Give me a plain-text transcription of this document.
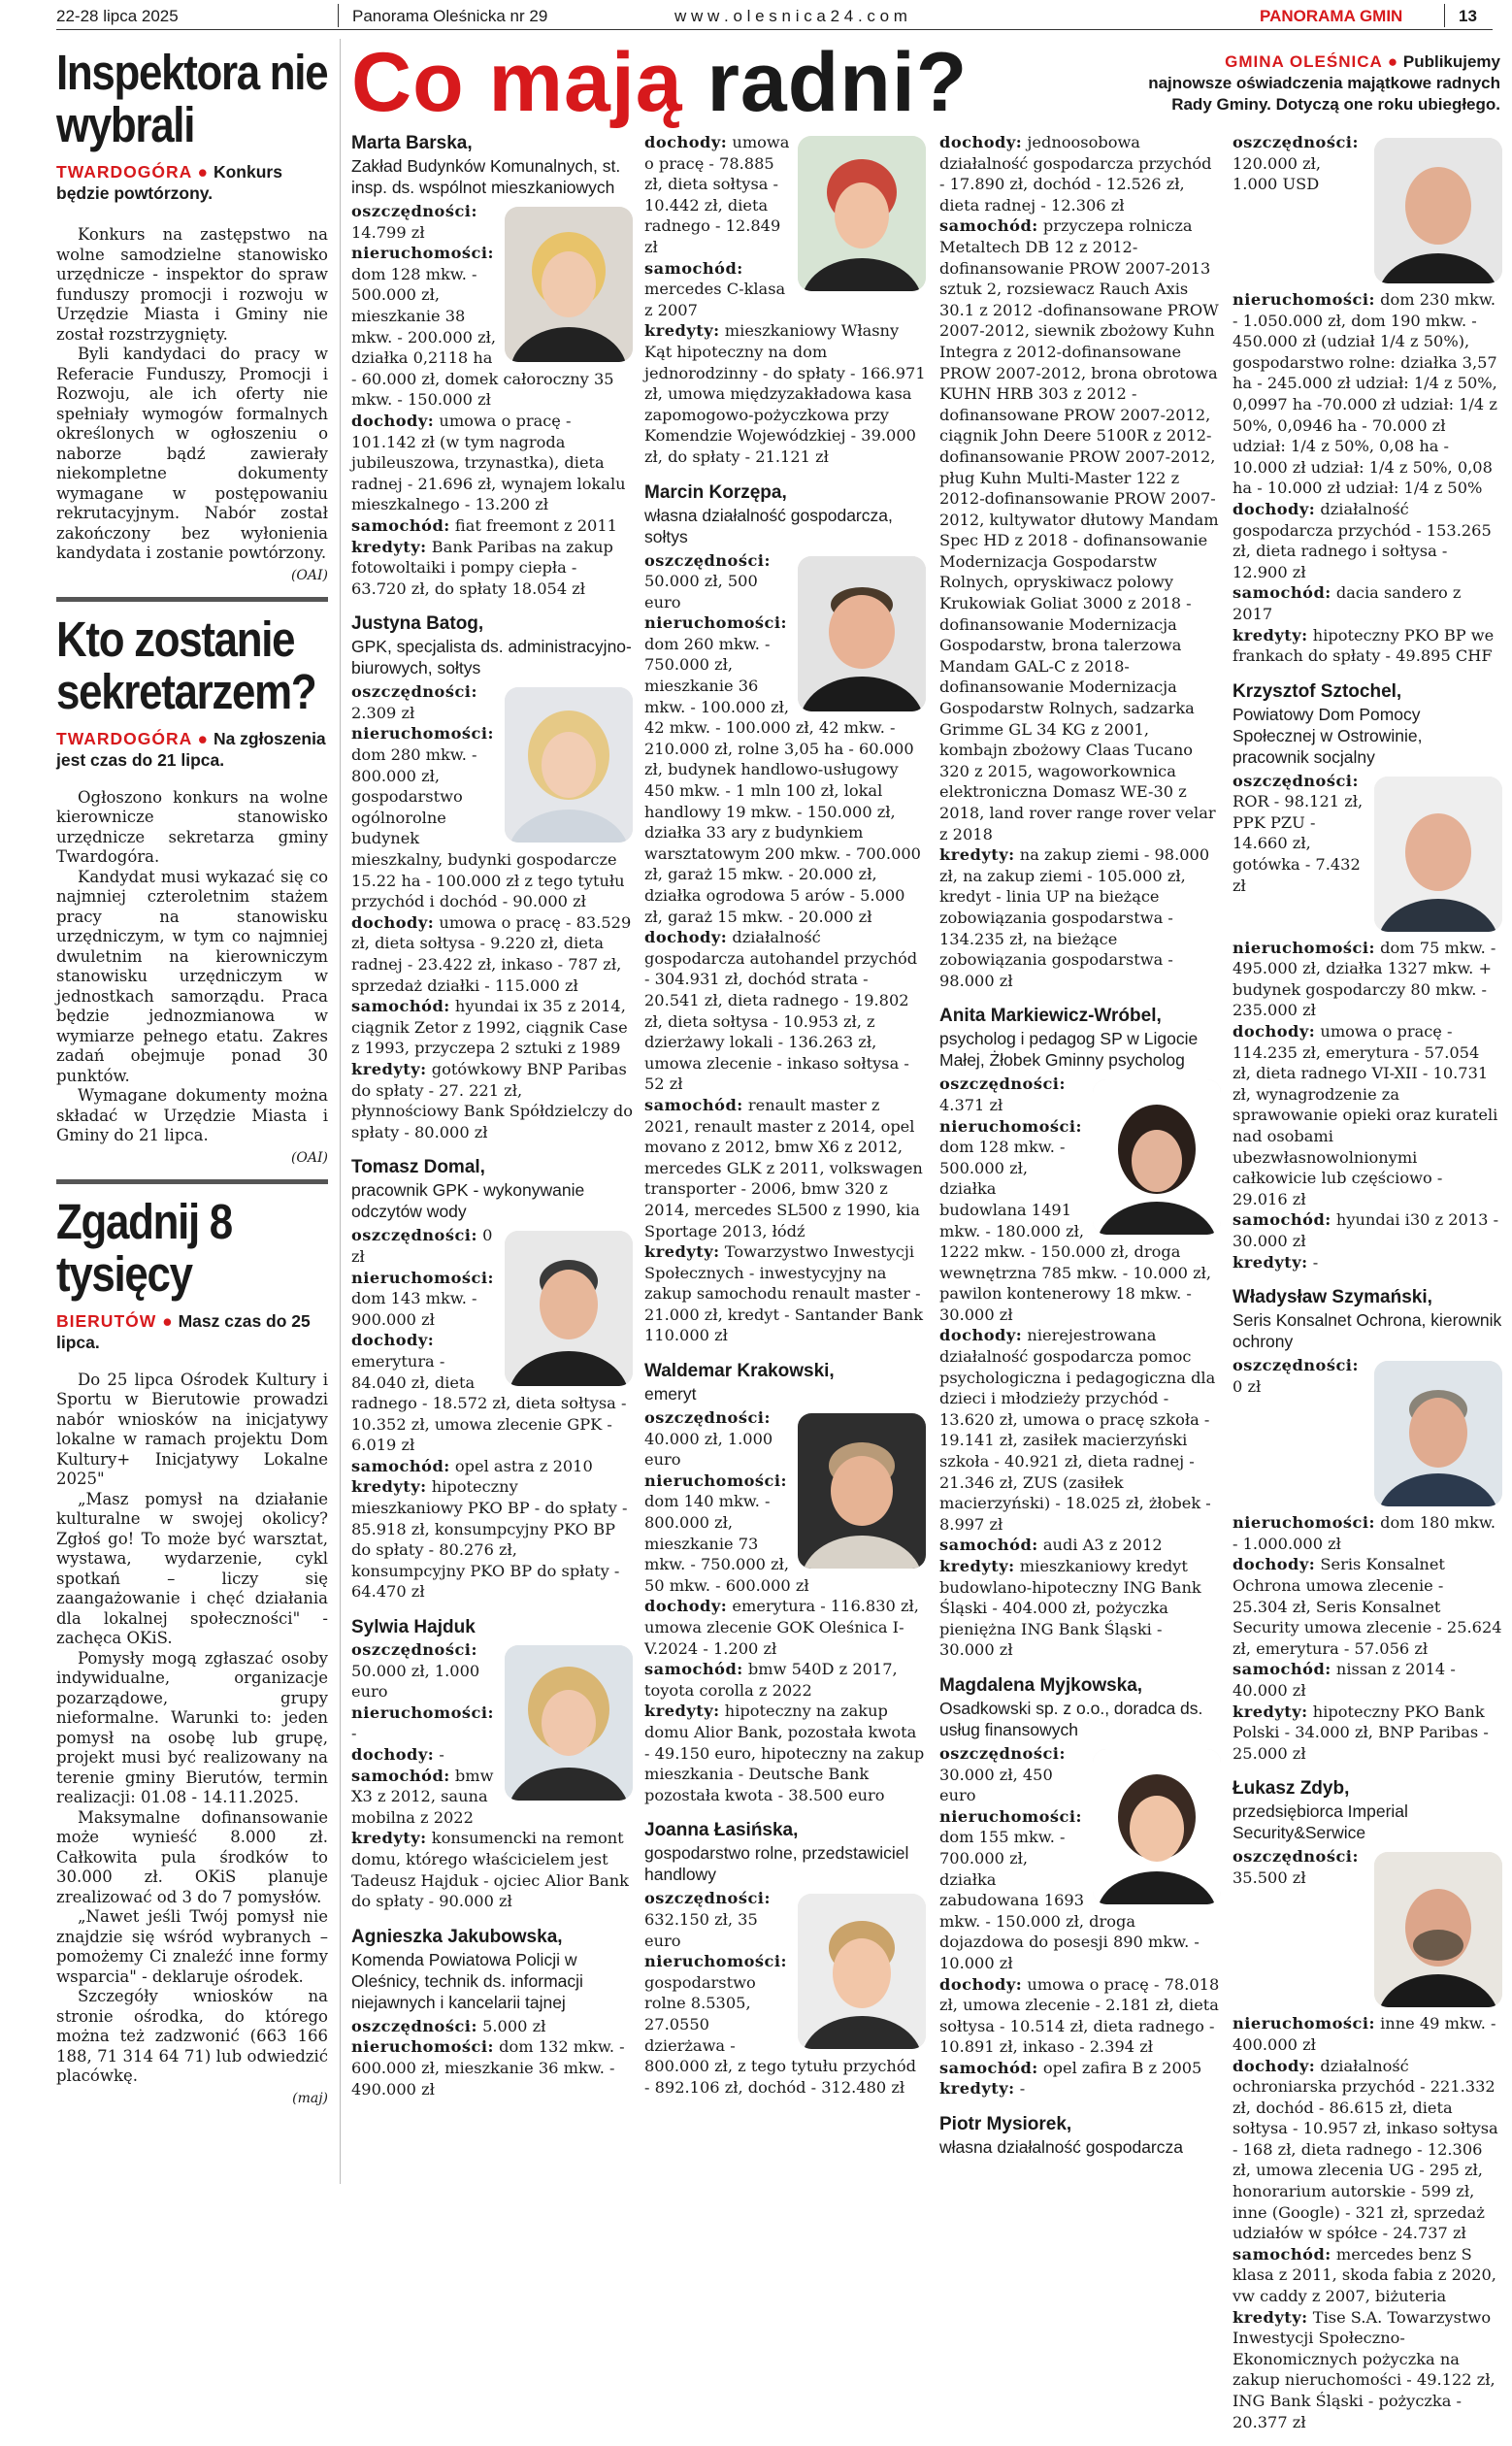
22-28 lipca 2025	Panorama Oleśnicka nr 29	w w w . o l e s n i c a 2 4 . c o m	PANORAMA GMIN	13
Inspektora nie wybrali
TWARDOGÓRA ● Konkurs będzie powtórzony.

Konkurs na zastępstwo na wolne samodzielne stanowisko urzędnicze - inspektor do spraw funduszy promocji i rozwoju w Urzędzie Miasta i Gminy nie został rozstrzygnięty.

Byli kandydaci do pracy w Referacie Funduszy, Promocji i Rozwoju, ale ich oferty nie spełniały wymogów formalnych określonych w ogłoszeniu o naborze bądź zawierały niekompletne dokumenty wymagane w postępowaniu rekrutacyjnym. Nabór został zakończony bez wyłonienia kandydata i zostanie powtórzony.

(OAI)
Kto zostanie sekretarzem?
TWARDOGÓRA ● Na zgłoszenia jest czas do 21 lipca.

Ogłoszono konkurs na wolne kierownicze stanowisko urzędnicze sekretarza gminy Twardogóra.

Kandydat musi wykazać się co najmniej czteroletnim stażem pracy na stanowisku urzędniczym, w tym co najmniej dwuletnim na kierowniczym stanowisku urzędniczym w jednostkach samorządu. Praca będzie jednozmianowa w wymiarze pełnego etatu. Zakres zadań obejmuje ponad 30 punktów.

Wymagane dokumenty można składać w Urzędzie Miasta i Gminy do 21 lipca.

(OAI)
Zgadnij 8 tysięcy
BIERUTÓW ● Masz czas do 25 lipca.

Do 25 lipca Ośrodek Kultury i Sportu w Bierutowie prowadzi nabór wniosków na inicjatywy lokalne w ramach projektu Dom Kultury+ Inicjatywy Lokalne 2025"

„Masz pomysł na działanie kulturalne w swojej okolicy? Zgłoś go! To może być warsztat, wystawa, wydarzenie, cykl spotkań – liczy się zaangażowanie i chęć działania dla lokalnej społeczności" - zachęca OKiS.

Pomysły mogą zgłaszać osoby indywidualne, organizacje pozarządowe, grupy nieformalne. Warunki to: jeden pomysł na osobę lub grupę, projekt musi być realizowany na terenie gminy Bierutów, termin realizacji: 01.08 - 14.11.2025.

Maksymalne dofinansowanie może wynieść 8.000 zł. Całkowita pula środków to 30.000 zł. OKiS planuje zrealizować od 3 do 7 pomysłów.

„Nawet jeśli Twój pomysł nie znajdzie się wśród wybranych – pomożemy Ci znaleźć inne formy wsparcia" - deklaruje ośrodek.

Szczegóły wniosków na stronie ośrodka, do którego można też zadzwonić (663 166 188, 71 314 64 71) lub odwiedzić placówkę.

(maj)
Co mają radni?	GMINA OLEŚNICA ● Publikujemy najnowsze oświadczenia majątkowe radnych Rady Gminy. Dotyczą one roku ubiegłego.
Marta Barska,
Zakład Budynków Komunalnych, st. insp. ds. wspólnot mieszkaniowych
oszczędności: 14.799 zł
nieruchomości: dom 128 mkw. - 500.000 zł, mieszkanie 38 mkw. - 200.000 zł, działka 0,2118 ha - 60.000 zł, domek całoroczny 35 mkw. - 150.000 zł
dochody: umowa o pracę - 101.142 zł (w tym nagroda jubileuszowa, trzynastka), dieta radnej - 21.696 zł, wynajem lokalu mieszkalnego - 13.200 zł
samochód: fiat freemont z 2011
kredyty: Bank Paribas na zakup fotowoltaiki i pompy ciepła - 63.720 zł, do spłaty 18.054 zł
Justyna Batog,
GPK, specjalista ds. administracyjno-biurowych, sołtys
oszczędności: 2.309 zł
nieruchomości: dom 280 mkw. - 800.000 zł, gospodarstwo ogólnorolne budynek mieszkalny, budynki gospodarcze 15.22 ha - 100.000 zł z tego tytułu przychód i dochód - 90.000 zł
dochody: umowa o pracę - 83.529 zł, dieta sołtysa - 9.220 zł, dieta radnej - 23.422 zł, inkaso - 787 zł, sprzedaż działki - 115.000 zł
samochód: hyundai ix 35 z 2014, ciągnik Zetor z 1992, ciągnik Case z 1993, przyczepa 2 sztuki z 1989
kredyty: gotówkowy BNP Paribas do spłaty - 27. 221 zł, płynnościowy Bank Spółdzielczy do spłaty - 80.000 zł
Tomasz Domal,
pracownik GPK - wykonywanie odczytów wody
oszczędności: 0 zł
nieruchomości: dom 143 mkw. - 900.000 zł
dochody: emerytura - 84.040 zł, dieta radnego - 18.572 zł, dieta sołtysa - 10.352 zł, umowa zlecenie GPK - 6.019 zł
samochód: opel astra z 2010
kredyty: hipoteczny mieszkaniowy PKO BP - do spłaty - 85.918 zł, konsumpcyjny PKO BP do spłaty - 80.276 zł, konsumpcyjny PKO BP do spłaty - 64.470 zł
Sylwia Hajduk
oszczędności: 50.000 zł, 1.000 euro
nieruchomości: -
dochody: -
samochód: bmw X3 z 2012, sauna mobilna z 2022
kredyty: konsumencki na remont domu, którego właścicielem jest Tadeusz Hajduk - ojciec Alior Bank do spłaty - 90.000 zł
Agnieszka Jakubowska,
Komenda Powiatowa Policji w Oleśnicy, technik ds. informacji niejawnych i kancelarii tajnej
oszczędności: 5.000 zł
nieruchomości: dom 132 mkw. - 600.000 zł, mieszkanie 36 mkw. - 490.000 zł
dochody: umowa o pracę - 78.885 zł, dieta sołtysa - 10.442 zł, dieta radnego - 12.849 zł
samochód: mercedes C-klasa z 2007
kredyty: mieszkaniowy Własny Kąt hipoteczny na dom jednorodzinny - do spłaty - 166.971 zł, umowa międzyzakładowa kasa zapomogowo-pożyczkowa przy Komendzie Wojewódzkiej - 39.000 zł, do spłaty - 21.121 zł
Marcin Korzępa,
własna działalność gospodarcza, sołtys
oszczędności: 50.000 zł, 500 euro
nieruchomości: dom 260 mkw. - 750.000 zł, mieszkanie 36 mkw. - 100.000 zł, 42 mkw. - 100.000 zł, 42 mkw. - 210.000 zł, rolne 3,05 ha - 60.000 zł, budynek handlowo-usługowy 450 mkw. - 1 mln 100 zł, lokal handlowy 19 mkw. - 150.000 zł, działka 33 ary z budynkiem warsztatowym 200 mkw. - 700.000 zł, garaż 15 mkw. - 20.000 zł, działka ogrodowa 5 arów - 5.000 zł, garaż 15 mkw. - 20.000 zł
dochody: działalność gospodarcza autohandel przychód - 304.931 zł, dochód strata - 20.541 zł, dieta radnego - 19.802 zł, dieta sołtysa - 10.953 zł, z dzierżawy lokali - 136.263 zł, umowa zlecenie - inkaso sołtysa - 52 zł
samochód: renault master z 2021, renault master z 2014, opel movano z 2012, bmw X6 z 2012, mercedes GLK z 2011, volkswagen transporter - 2006, bmw 320 z 2014, mercedes SL500 z 1990, kia Sportage 2013, łódź
kredyty: Towarzystwo Inwestycji Społecznych - inwestycyjny na zakup samochodu renault master - 21.000 zł, kredyt - Santander Bank 110.000 zł
Waldemar Krakowski,
emeryt
oszczędności: 40.000 zł, 1.000 euro
nieruchomości: dom 140 mkw. - 800.000 zł, mieszkanie 73 mkw. - 750.000 zł, 50 mkw. - 600.000 zł
dochody: emerytura - 116.830 zł, umowa zlecenie GOK Oleśnica I-V.2024 - 1.200 zł
samochód: bmw 540D z 2017, toyota corolla z 2022
kredyty: hipoteczny na zakup domu Alior Bank, pozostała kwota - 49.150 euro, hipoteczny na zakup mieszkania - Deutsche Bank pozostała kwota - 38.500 euro
Joanna Łasińska,
gospodarstwo rolne, przedstawiciel handlowy
oszczędności: 632.150 zł, 35 euro
nieruchomości: gospodarstwo rolne 8.5305, 27.0550 dzierżawa - 800.000 zł, z tego tytułu przychód - 892.106 zł, dochód - 312.480 zł
dochody: jednoosobowa działalność gospodarcza przychód - 17.890 zł, dochód - 12.526 zł, dieta radnej - 12.306 zł
samochód: przyczepa rolnicza Metaltech DB 12 z 2012-dofinansowanie PROW 2007-2013 sztuk 2, rozsiewacz Rauch Axis 30.1 z 2012 -dofinansowane PROW 2007-2012, siewnik zbożowy Kuhn Integra z 2012-dofinansowane PROW 2007-2012, brona obrotowa KUHN HRB 303 z 2012 - dofinansowane PROW 2007-2012, ciągnik John Deere 5100R z 2012- dofinansowanie PROW 2007-2012, pług Kuhn Multi-Master 122 z 2012-dofinansowanie PROW 2007-2012, kultywator dłutowy Mandam Spec HD z 2018 - dofinansowanie Modernizacja Gospodarstw Rolnych, opryskiwacz polowy Krukowiak Goliat 3000 z 2018 - dofinansowanie Modernizacja Gospodarstw, brona talerzowa Mandam GAL-C z 2018-dofinansowanie Modernizacja Gospodarstw Rolnych, sadzarka Grimme GL 34 KG z 2001, kombajn zbożowy Claas Tucano 320 z 2015, wagoworkownica elektroniczna Domasz WE-30 z 2018, land rover range rover velar z 2018
kredyty: na zakup ziemi - 98.000 zł, na zakup ziemi - 105.000 zł, kredyt - linia UP na bieżące zobowiązania gospodarstwa - 134.235 zł, na bieżące zobowiązania gospodarstwa - 98.000 zł
Anita Markiewicz-Wróbel,
psycholog i pedagog SP w Ligocie Małej, Żłobek Gminny psycholog
oszczędności: 4.371 zł
nieruchomości: dom 128 mkw. - 500.000 zł, działka budowlana 1491 mkw. - 180.000 zł, 1222 mkw. - 150.000 zł, droga wewnętrzna 785 mkw. - 10.000 zł, pawilon kontenerowy 18 mkw. - 30.000 zł
dochody: nierejestrowana działalność gospodarcza pomoc psychologiczna i pedagogiczna dla dzieci i młodzieży przychód - 13.620 zł, umowa o pracę szkoła - 19.141 zł, zasiłek macierzyński szkoła - 40.921 zł, dieta radnej - 21.346 zł, ZUS (zasiłek macierzyński) - 18.025 zł, żłobek - 8.997 zł
samochód: audi A3 z 2012
kredyty: mieszkaniowy kredyt budowlano-hipoteczny ING Bank Śląski - 404.000 zł, pożyczka pieniężna ING Bank Śląski - 30.000 zł
Magdalena Myjkowska,
Osadkowski sp. z o.o., doradca ds. usług finansowych
oszczędności: 30.000 zł, 450 euro
nieruchomości: dom 155 mkw. - 700.000 zł, działka zabudowana 1693 mkw. - 150.000 zł, droga dojazdowa do posesji 890 mkw. - 10.000 zł
dochody: umowa o pracę - 78.018 zł, umowa zlecenie - 2.181 zł, dieta sołtysa - 10.514 zł, dieta radnego - 10.891 zł, inkaso - 2.394 zł
samochód: opel zafira B z 2005
kredyty: -
Piotr Mysiorek,
własna działalność gospodarcza
oszczędności: 120.000 zł, 1.000 USD
nieruchomości: dom 230 mkw. - 1.050.000 zł, dom 190 mkw. - 450.000 zł (udział 1/4 z 50%), gospodarstwo rolne: działka 3,57 ha - 245.000 zł udział: 1/4 z 50%, 0,0997 ha -70.000 zł udział: 1/4 z 50%, 0,0946 ha - 70.000 zł udział: 1/4 z 50%, 0,08 ha - 10.000 zł udział: 1/4 z 50%, 0,08 ha - 10.000 zł udział: 1/4 z 50%
dochody: działalność gospodarcza przychód - 153.265 zł, dieta radnego i sołtysa - 12.900 zł
samochód: dacia sandero z 2017
kredyty: hipoteczny PKO BP we frankach do spłaty - 49.895 CHF
Krzysztof Sztochel,
Powiatowy Dom Pomocy Społecznej w Ostrowinie, pracownik socjalny
oszczędności: ROR - 98.121 zł, PPK PZU - 14.660 zł, gotówka - 7.432 zł
nieruchomości: dom 75 mkw. - 495.000 zł, działka 1327 mkw. + budynek gospodarczy 80 mkw. - 235.000 zł
dochody: umowa o pracę - 114.235 zł, emerytura - 57.054 zł, dieta radnego VI-XII - 10.731 zł, wynagrodzenie za sprawowanie opieki oraz kurateli nad osobami ubezwłasnowolnionymi całkowicie lub częściowo - 29.016 zł
samochód: hyundai i30 z 2013 - 30.000 zł
kredyty: -
Władysław Szymański,
Seris Konsalnet Ochrona, kierownik ochrony
oszczędności: 0 zł
nieruchomości: dom 180 mkw. - 1.000.000 zł
dochody: Seris Konsalnet Ochrona umowa zlecenie - 25.304 zł, Seris Konsalnet Security umowa zlecenie - 25.624 zł, emerytura - 57.056 zł
samochód: nissan z 2014 - 40.000 zł
kredyty: hipoteczny PKO Bank Polski - 34.000 zł, BNP Paribas - 25.000 zł
Łukasz Zdyb,
przedsiębiorca Imperial Security&Serwice
oszczędności: 35.500 zł
nieruchomości: inne 49 mkw. - 400.000 zł
dochody: działalność ochroniarska przychód - 221.332 zł, dochód - 86.615 zł, dieta sołtysa - 10.957 zł, inkaso sołtysa - 168 zł, dieta radnego - 12.306 zł, umowa zlecenia UG - 295 zł, honorarium autorskie - 599 zł, inne (Google) - 321 zł, sprzedaż udziałów w spółce - 24.737 zł
samochód: mercedes benz S klasa z 2011, skoda fabia z 2020, vw caddy z 2007, biżuteria
kredyty: Tise S.A. Towarzystwo Inwestycji Społeczno-Ekonomicznych pożyczka na zakup nieruchomości - 49.122 zł, ING Bank Śląski - pożyczka - 20.377 zł
